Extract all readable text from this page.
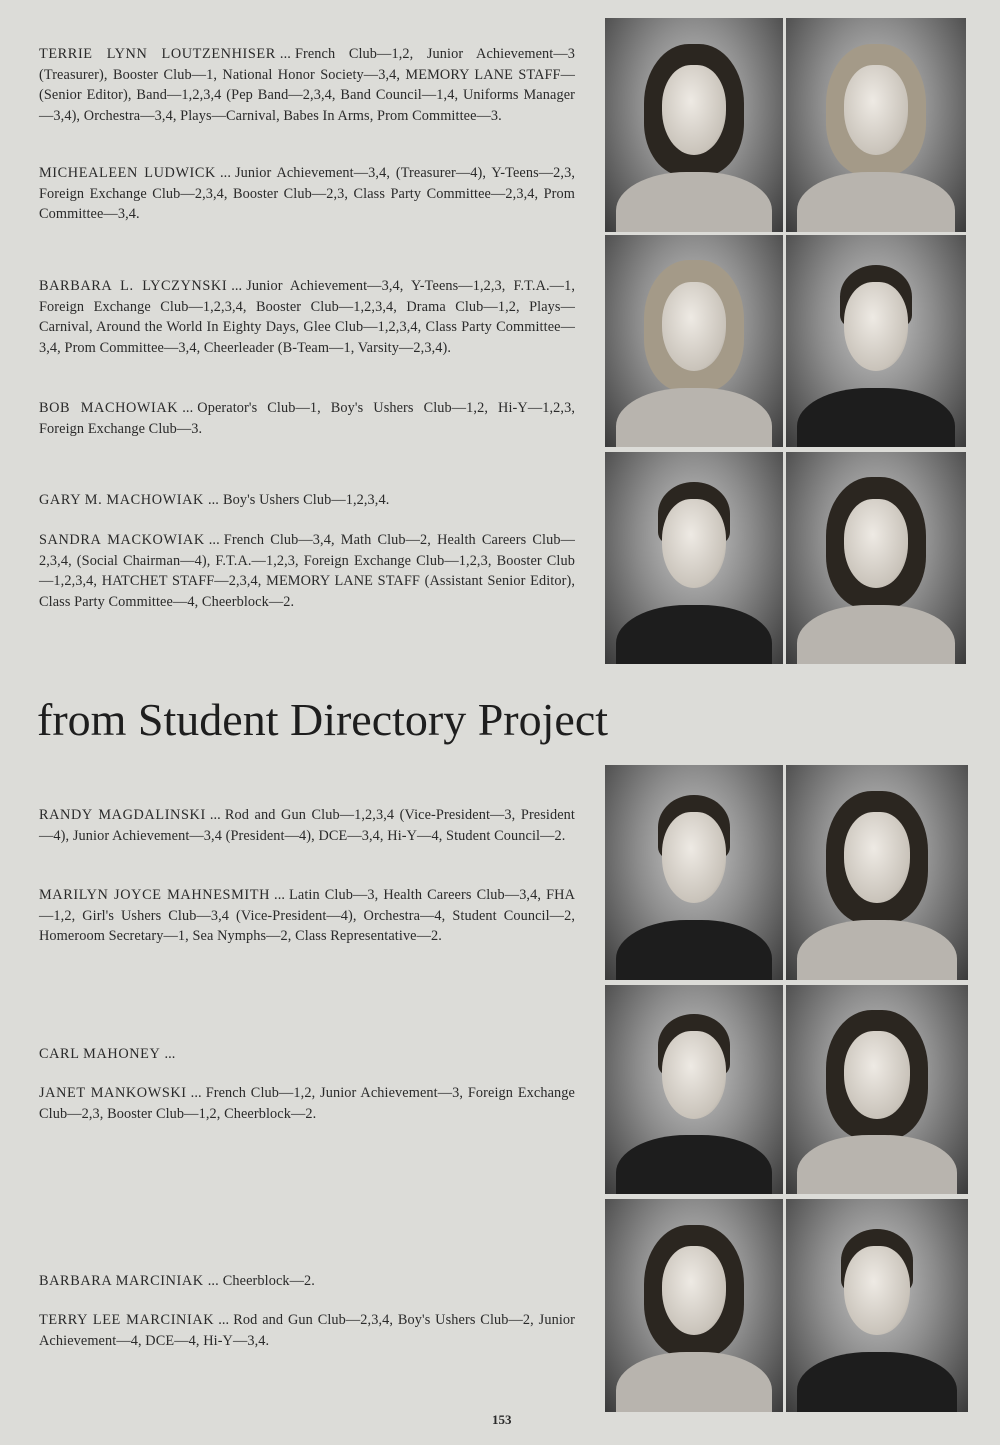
TERRIE LYNN LOUTZENHISER ... French Club—1,2, Junior Achievement—3 (Treasurer), Booster Club—1, National Honor Society—3,4, MEMORY LANE STAFF—(Senior Editor), Band—1,2,3,4 (Pep Band—2,3,4, Band Council—1,4, Uniforms Manager—3,4), Orchestra—3,4, Plays—Carnival, Babes In Arms, Prom Committee—3.
MICHEALEEN LUDWICK ... Junior Achievement—3,4, (Treasurer—4), Y-Teens—2,3, Foreign Exchange Club—2,3,4, Booster Club—2,3, Class Party Committee—2,3,4, Prom Committee—3,4.
BARBARA L. LYCZYNSKI ... Junior Achievement—3,4, Y-Teens—1,2,3, F.T.A.—1, Foreign Exchange Club—1,2,3,4, Booster Club—1,2,3,4, Drama Club—1,2, Plays—Carnival, Around the World In Eighty Days, Glee Club—1,2,3,4, Class Party Committee—3,4, Prom Committee—3,4, Cheerleader (B-Team—1, Varsity—2,3,4).
BOB MACHOWIAK ... Operator's Club—1, Boy's Ushers Club—1,2, Hi-Y—1,2,3, Foreign Exchange Club—3.
GARY M. MACHOWIAK ... Boy's Ushers Club—1,2,3,4.
SANDRA MACKOWIAK ... French Club—3,4, Math Club—2, Health Careers Club—2,3,4, (Social Chairman—4), F.T.A.—1,2,3, Foreign Exchange Club—1,2,3, Booster Club—1,2,3,4, HATCHET STAFF—2,3,4, MEMORY LANE STAFF (Assistant Senior Editor), Class Party Committee—4, Cheerblock—2.
from Student Directory Project
RANDY MAGDALINSKI ... Rod and Gun Club—1,2,3,4 (Vice-President—3, President—4), Junior Achievement—3,4 (President—4), DCE—3,4, Hi-Y—4, Student Council—2.
MARILYN JOYCE MAHNESMITH ... Latin Club—3, Health Careers Club—3,4, FHA—1,2, Girl's Ushers Club—3,4 (Vice-President—4), Orchestra—4, Student Council—2, Homeroom Secretary—1, Sea Nymphs—2, Class Representative—2.
CARL MAHONEY ...
JANET MANKOWSKI ... French Club—1,2, Junior Achievement—3, Foreign Exchange Club—2,3, Booster Club—1,2, Cheerblock—2.
BARBARA MARCINIAK ... Cheerblock—2.
TERRY LEE MARCINIAK ... Rod and Gun Club—2,3,4, Boy's Ushers Club—2, Junior Achievement—4, DCE—4, Hi-Y—3,4.
153
